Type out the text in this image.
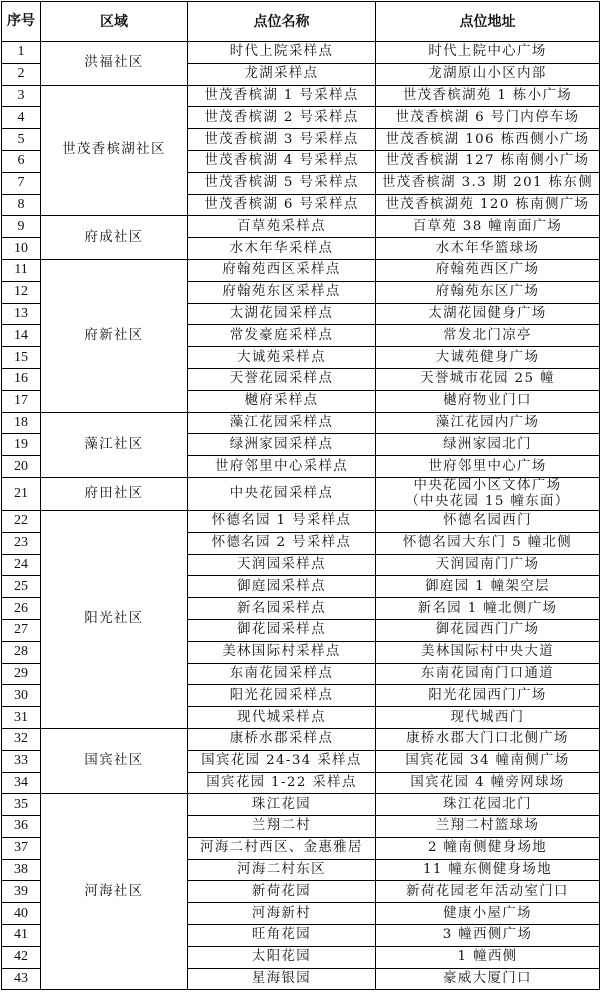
序号	区域	点位名称	点位地址
1	洪福社区	时代上院采样点	时代上院中心广场
2		龙湖采样点	龙湖原山小区内部
3	世茂香槟湖社区	世茂香槟湖 1 号采样点	世茂香槟湖苑 1 栋小广场
4		世茂香槟湖 2 号采样点	世茂香槟湖 6 号门内停车场
5		世茂香槟湖 3 号采样点	世茂香槟湖 106 栋西侧小广场
6		世茂香槟湖 4 号采样点	世茂香槟湖 127 栋南侧小广场
7		世茂香槟湖 5 号采样点	世茂香槟湖 3.3 期 201 栋东侧
8		世茂香槟湖 6 号采样点	世茂香槟湖苑 120 栋南侧广场
9	府成社区	百草苑采样点	百草苑 38 幢南面广场
10		水木年华采样点	水木年华篮球场
11	府新社区	府翰苑西区采样点	府翰苑西区广场
12		府翰苑东区采样点	府翰苑东区广场
13		太湖花园采样点	太湖花园健身广场
14		常发豪庭采样点	常发北门凉亭
15		大诚苑采样点	大诚苑健身广场
16		天誉花园采样点	天誉城市花园 25 幢
17		樾府采样点	樾府物业门口
18	藻江社区	藻江花园采样点	藻江花园内广场
19		绿洲家园采样点	绿洲家园北门
20		世府邻里中心采样点	世府邻里中心广场
21	府田社区	中央花园采样点	中央花园小区文体广场
（中央花园 15 幢东面）

22	阳光社区	怀德名园 1 号采样点	怀德名园西门
23		怀德名园 2 号采样点	怀德名园大东门 5 幢北侧
24		天润园采样点	天润园南门广场
25		御庭园采样点	御庭园 1 幢架空层
26		新名园采样点	新名园 1 幢北侧广场
27		御花园采样点	御花园西门广场
28		美林国际村采样点	美林国际村中央大道
29		东南花园采样点	东南花园南门口通道
30		阳光花园采样点	阳光花园西门广场
31		现代城采样点	现代城西门
32	国宾社区	康桥水郡采样点	康桥水郡大门口北侧广场
33		国宾花园 24-34 采样点	国宾花园 34 幢南侧广场
34		国宾花园 1-22 采样点	国宾花园 4 幢旁网球场
35	河海社区	珠江花园	珠江花园北门
36		兰翔二村	兰翔二村篮球场
37		河海二村西区、金惠雅居	2 幢南侧健身场地
38		河海二村东区	11 幢东侧健身场地
39		新荷花园	新荷花园老年活动室门口
40		河海新村	健康小屋广场
41		旺角花园	3 幢西侧广场
42		太阳花园	1 幢西侧
43		星海银园	豪威大厦门口
